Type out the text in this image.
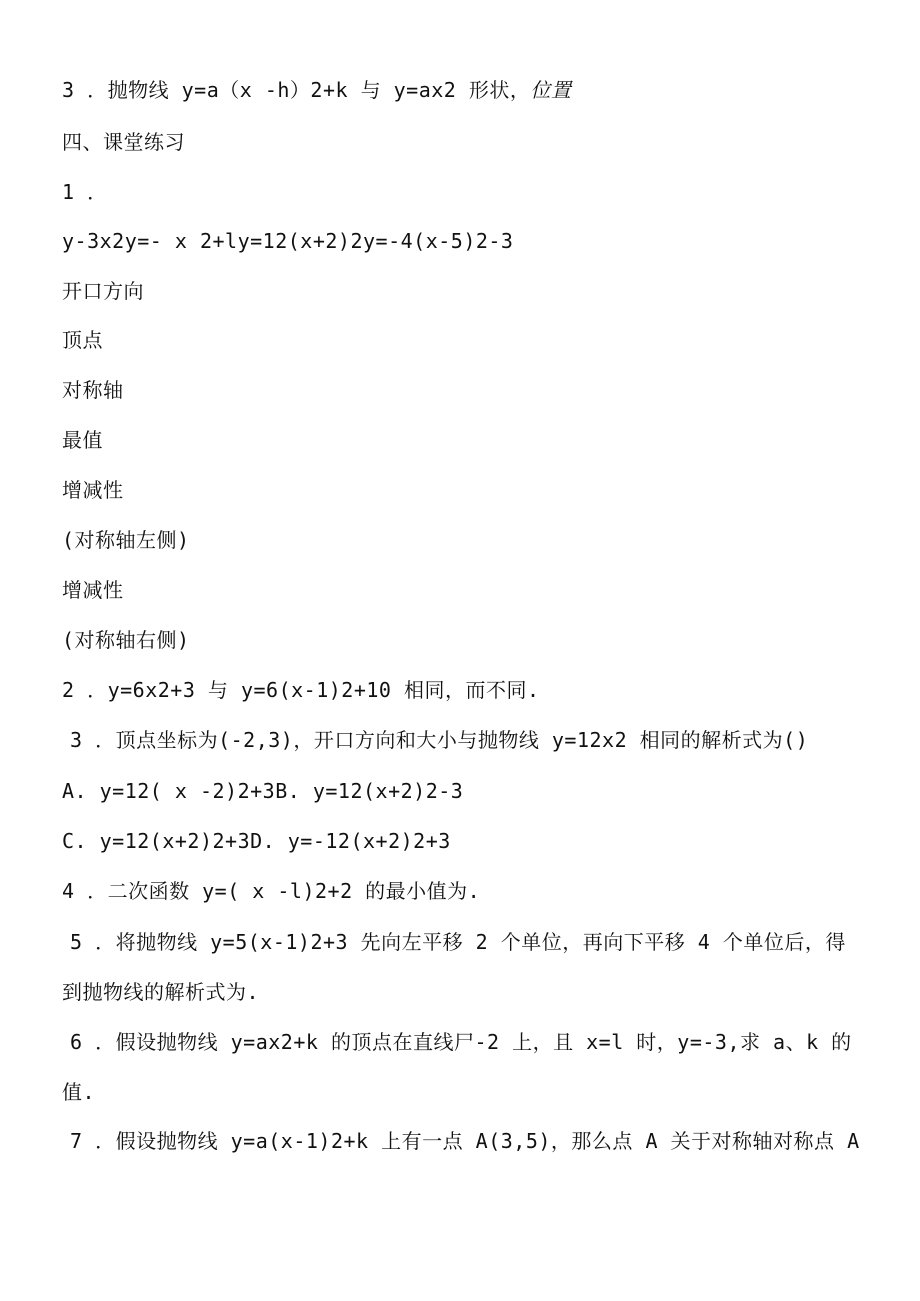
3 ．抛物线 y=a（x -h）2+k 与 y=ax2 形状，位置
四、课堂练习
1 ．
y-3x2y=- x 2+ly=12(x+2)2y=-4(x-5)2-3
开口方向
顶点
对称轴
最值
增减性
(对称轴左侧)
增减性
(对称轴右侧)
2 ．y=6x2+3 与 y=6(x-1)2+10 相同，而不同.
3 ．顶点坐标为(-2,3)，开口方向和大小与抛物线 y=12x2 相同的解析式为()
A. y=12( x -2)2+3B. y=12(x+2)2-3
C. y=12(x+2)2+3D. y=-12(x+2)2+3
4 ．二次函数 y=( x -l)2+2 的最小值为.
5 ．将抛物线 y=5(x-1)2+3 先向左平移 2 个单位，再向下平移 4 个单位后，得
到抛物线的解析式为.
6 ．假设抛物线 y=ax2+k 的顶点在直线尸-2 上，且 x=l 时，y=-3,求 a、k 的
值.
7 ．假设抛物线 y=a(x-1)2+k 上有一点 A(3,5)，那么点 A 关于对称轴对称点 A
